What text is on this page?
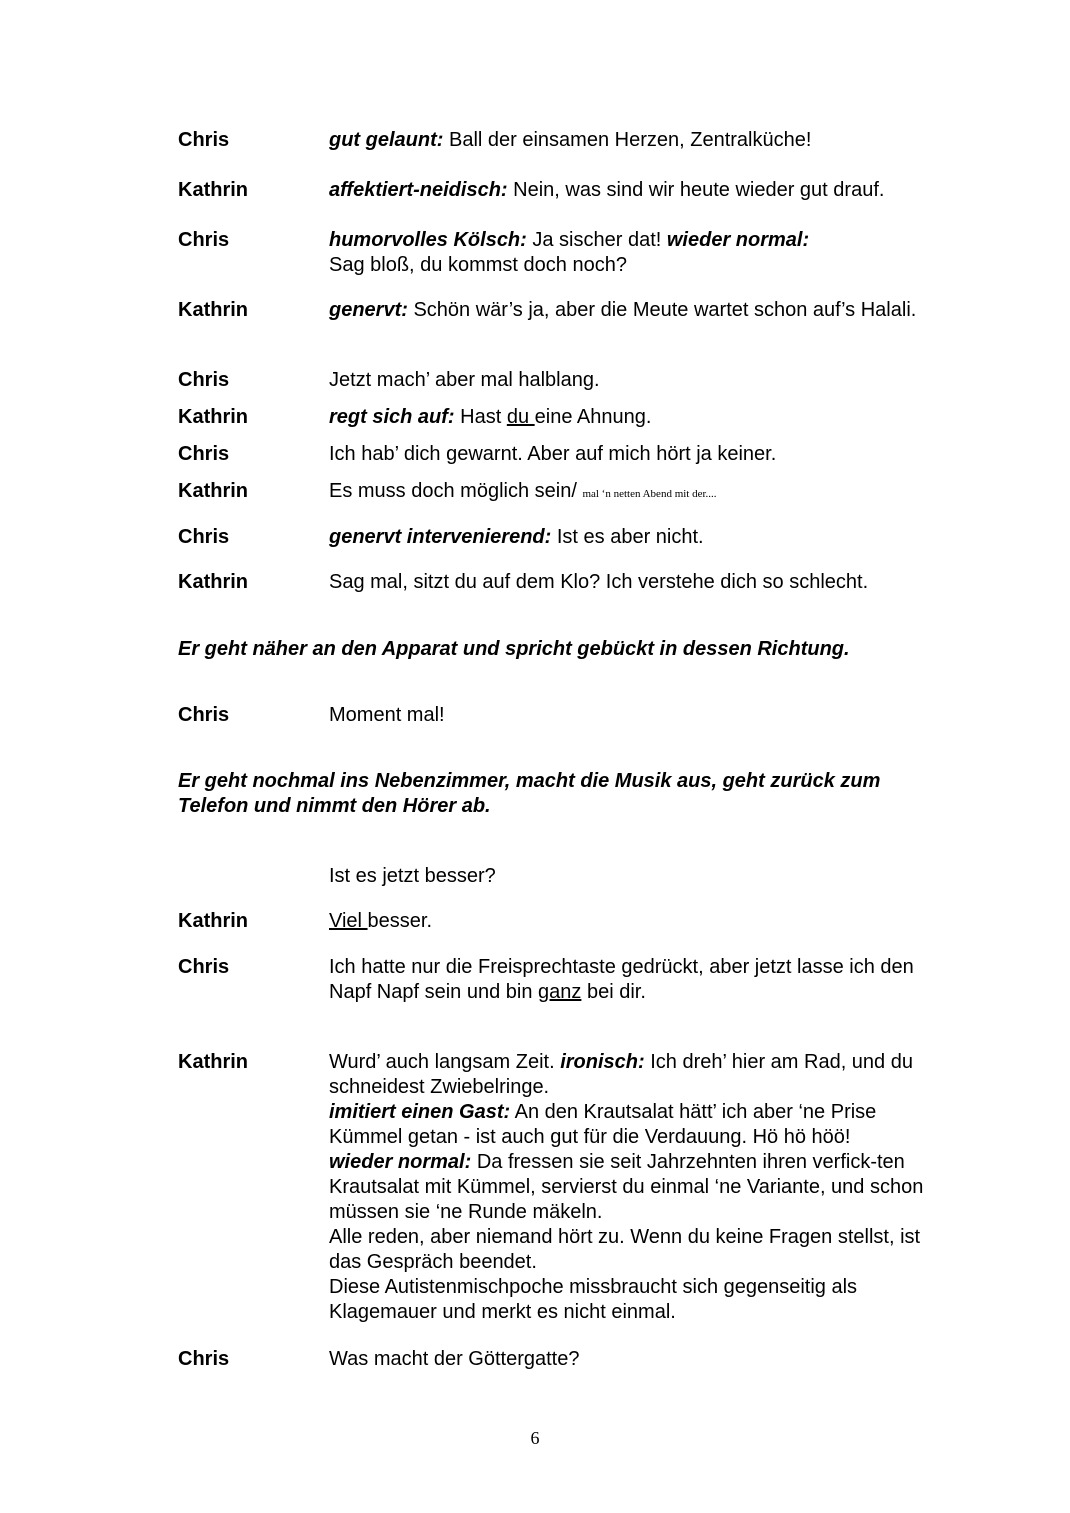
Chris	gut gelaunt: Ball der einsamen Herzen, Zentralküche!
Kathrin	affektiert-neidisch: Nein, was sind wir heute wieder gut drauf.
Chris	humorvolles Kölsch: Ja sischer dat! wieder normal:

Sag bloß, du kommst doch noch?

Kathrin	genervt: Schön wär’s ja, aber die Meute wartet schon auf’s Halali.
Chris	Jetzt mach’ aber mal halblang.
Kathrin	regt sich auf: Hast du eine Ahnung.
Chris	Ich hab’ dich gewarnt. Aber auf mich hört ja keiner.
Kathrin	Es muss doch möglich sein/ mal ‘n netten Abend mit der....
Chris	genervt intervenierend: Ist es aber nicht.
Kathrin	Sag mal, sitzt du auf dem Klo? Ich verstehe dich so schlecht.
Er geht näher an den Apparat und spricht gebückt in dessen Richtung.
Chris	Moment mal!
Er geht nochmal ins Nebenzimmer, macht die Musik aus, geht zurück zum Telefon und nimmt den Hörer ab.
Ist es jetzt besser?
Kathrin	Viel besser.
Chris	Ich hatte nur die Freisprechtaste gedrückt, aber jetzt lasse ich den Napf Napf sein und bin ganz bei dir.
Kathrin	Wurd’ auch langsam Zeit. ironisch: Ich dreh’ hier am Rad, und du schneidest Zwiebelringe.

imitiert einen Gast: An den Krautsalat hätt’ ich aber ‘ne Prise Kümmel getan - ist auch gut für die Verdauung. Hö hö höö!

wieder normal: Da fressen sie seit Jahrzehnten ihren verfick-ten Krautsalat mit Kümmel, servierst du einmal ‘ne Variante, und schon müssen sie ‘ne Runde mäkeln.

Alle reden, aber niemand hört zu. Wenn du keine Fragen stellst, ist das Gespräch beendet.

Diese Autistenmischpoche missbraucht sich gegenseitig als Klagemauer und merkt es nicht einmal.

Chris	Was macht der Göttergatte?
6
